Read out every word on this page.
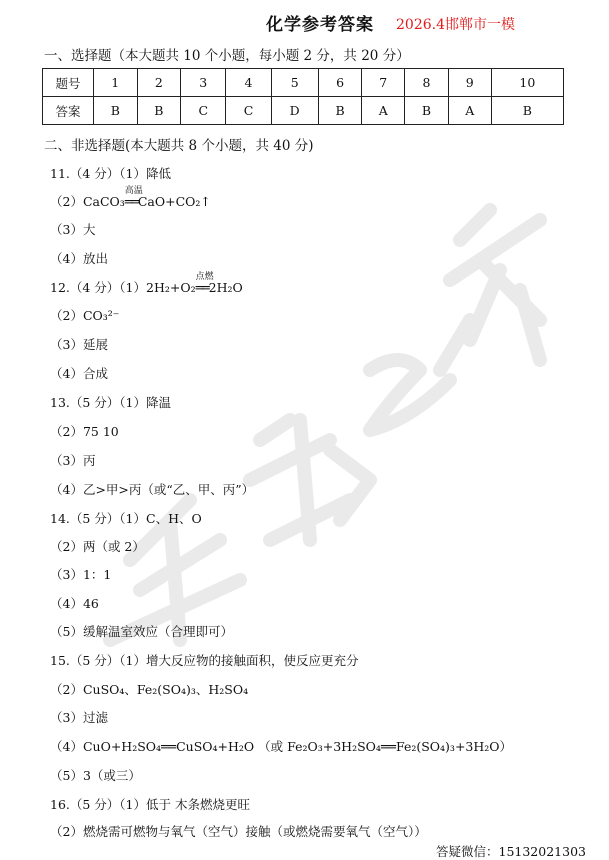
化学参考答案 2026.4邯郸市一模
一、选择题（本大题共 10 个小题，每小题 2 分，共 20 分）
题号	1	2	3	4	5	6	7	8	9	10
答案	B	B	C	C	D	B	A	B	A	B
二、非选择题(本大题共 8 个小题，共 40 分)
11.（4 分）（1）降低
（2）CaCO₃
高温
══CaO+CO₂↑
（3）大
（4）放出
12.（4 分）（1）2H₂+O₂
点燃
══2H₂O
（2）CO₃²⁻
（3）延展
（4）合成
13.（5 分）（1）降温
（2）75 10
（3）丙
（4）乙>甲>丙（或“乙、甲、丙”）
14.（5 分）（1）C、H、O
（2）两（或 2）
（3）1：1
（4）46
（5）缓解温室效应（合理即可）
15.（5 分）（1）增大反应物的接触面积，使反应更充分
（2）CuSO₄、Fe₂(SO₄)₃、H₂SO₄
（3）过滤
（4）CuO+H₂SO₄══CuSO₄+H₂O （或 Fe₂O₃+3H₂SO₄══Fe₂(SO₄)₃+3H₂O）
（5）3（或三）
16.（5 分）（1）低于 木条燃烧更旺
（2）燃烧需可燃物与氧气（空气）接触（或燃烧需要氧气（空气））
答疑微信：15132021303
